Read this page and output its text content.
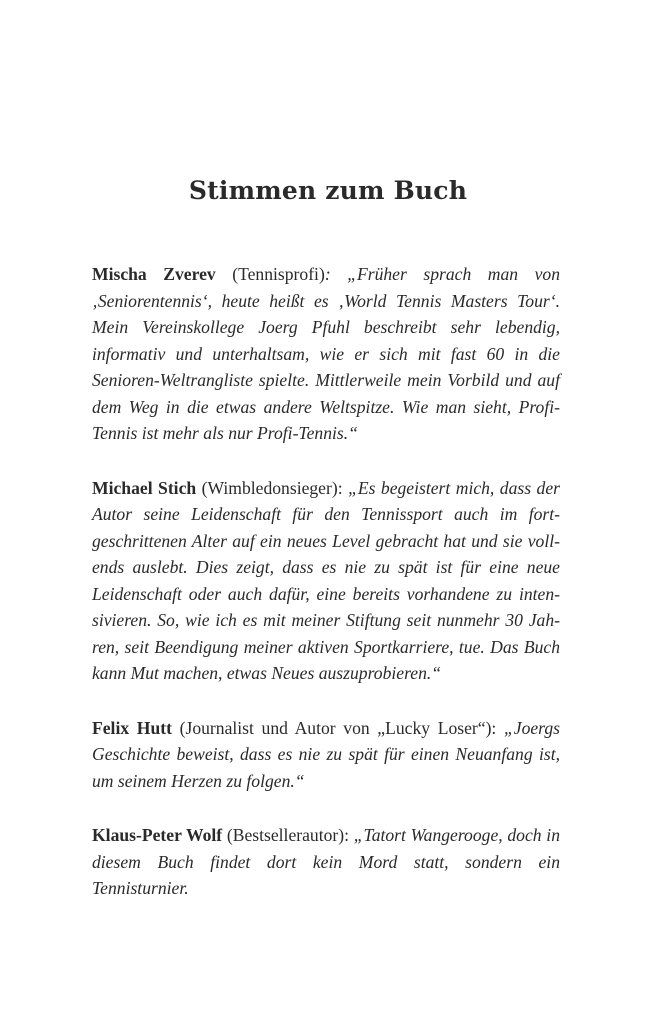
Stimmen zum Buch

Mischa Zverev (Tennisprofi): „Früher sprach man von ‚Seniorentennis‘, heute heißt es ‚World Tennis Masters Tour‘. Mein Vereinskollege Joerg Pfuhl beschreibt sehr lebendig, informativ und unterhaltsam, wie er sich mit fast 60 in die Senioren-Weltrangliste spielte. Mittlerweile mein Vorbild und auf dem Weg in die etwas andere Weltspitze. Wie man sieht, Profi-Tennis ist mehr als nur Profi-Tennis.“

Michael Stich (Wimbledonsieger): „Es begeistert mich, dass der Autor seine Leidenschaft für den Tennissport auch im fortgeschrittenen Alter auf ein neues Level gebracht hat und sie vollends auslebt. Dies zeigt, dass es nie zu spät ist für eine neue Leidenschaft oder auch dafür, eine bereits vorhandene zu intensivieren. So, wie ich es mit meiner Stiftung seit nunmehr 30 Jahren, seit Beendigung meiner aktiven Sportkarriere, tue. Das Buch kann Mut machen, etwas Neues auszuprobieren.“

Felix Hutt (Journalist und Autor von „Lucky Loser“): „Joergs Geschichte beweist, dass es nie zu spät für einen Neuanfang ist, um seinem Herzen zu folgen.“

Klaus-Peter Wolf (Bestsellerautor): „Tatort Wangerooge, doch in diesem Buch findet dort kein Mord statt, sondern ein Tennisturnier.
